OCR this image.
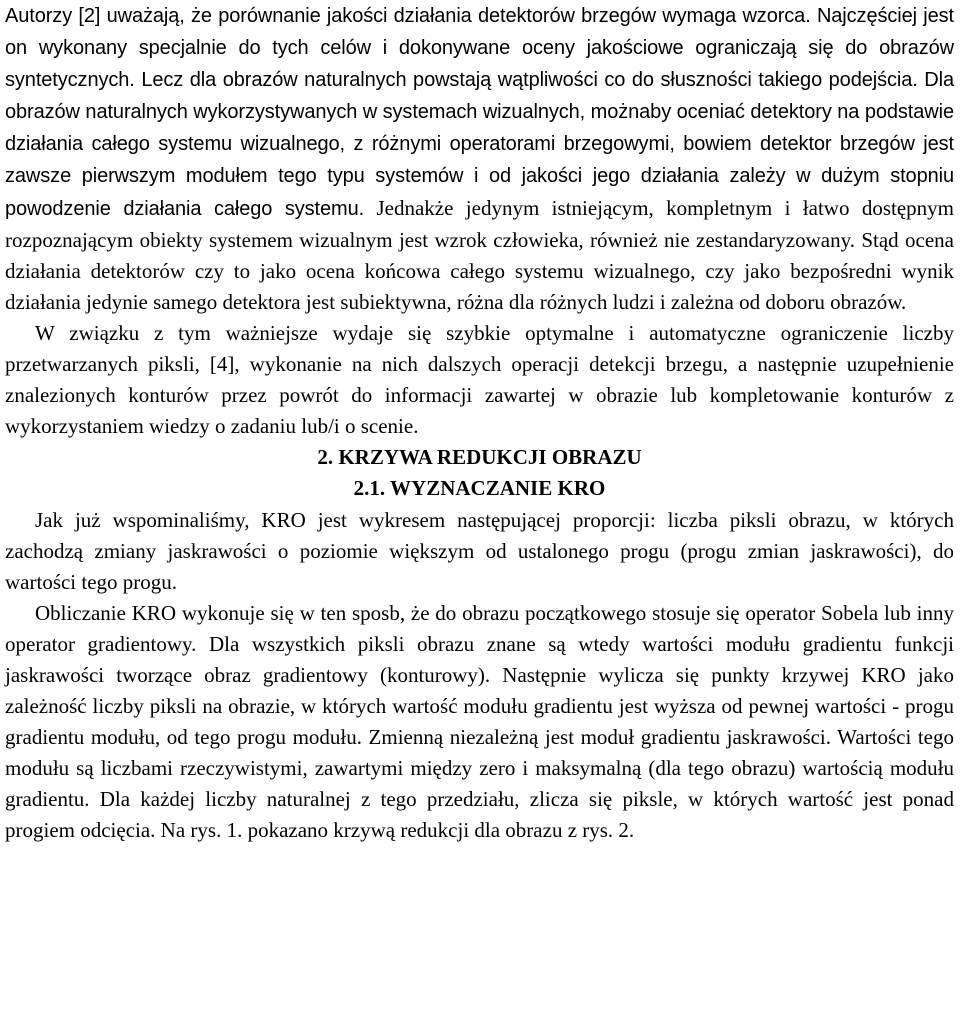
Autorzy [2] uważają, że porównanie jakości działania detektorów brzegów wymaga wzorca. Najczęściej jest on wykonany specjalnie do tych celów i dokonywane oceny jakościowe ograniczają się do obrazów syntetycznych. Lecz dla obrazów naturalnych powstają wątpliwości co do słuszności takiego podejścia. Dla obrazów naturalnych wykorzystywanych w systemach wizualnych, możnaby oceniać detektory na podstawie działania całego systemu wizualnego, z różnymi operatorami brzegowymi, bowiem detektor brzegów jest zawsze pierwszym modułem tego typu systemów i od jakości jego działania zależy w dużym stopniu powodzenie działania całego systemu. Jednakże jedynym istniejącym, kompletnym i łatwo dostępnym rozpoznającym obiekty systemem wizualnym jest wzrok człowieka, również nie zestandaryzowany. Stąd ocena działania detektorów czy to jako ocena końcowa całego systemu wizualnego, czy jako bezpośredni wynik działania jedynie samego detektora jest subiektywna, różna dla różnych ludzi i zależna od doboru obrazów.

W związku z tym ważniejsze wydaje się szybkie optymalne i automatyczne ograniczenie liczby przetwarzanych piksli, [4], wykonanie na nich dalszych operacji detekcji brzegu, a następnie uzupełnienie znalezionych konturów przez powrót do informacji zawartej w obrazie lub kompletowanie konturów z wykorzystaniem wiedzy o zadaniu lub/i o scenie.

2. KRZYWA REDUKCJI OBRAZU
2.1. WYZNACZANIE KRO

Jak już wspominaliśmy, KRO jest wykresem następującej proporcji: liczba piksli obrazu, w których zachodzą zmiany jaskrawości o poziomie większym od ustalonego progu (progu zmian jaskrawości), do wartości tego progu.

Obliczanie KRO wykonuje się w ten sposb, że do obrazu początkowego stosuje się operator Sobela lub inny operator gradientowy. Dla wszystkich piksli obrazu znane są wtedy wartości modułu gradientu funkcji jaskrawości tworzące obraz gradientowy (konturowy). Następnie wylicza się punkty krzywej KRO jako zależność liczby piksli na obrazie, w których wartość modułu gradientu jest wyższa od pewnej wartości - progu gradientu modułu, od tego progu modułu. Zmienną niezależną jest moduł gradientu jaskrawości. Wartości tego modułu są liczbami rzeczywistymi, zawartymi między zero i maksymalną (dla tego obrazu) wartością modułu gradientu. Dla każdej liczby naturalnej z tego przedziału, zlicza się piksle, w których wartość jest ponad progiem odcięcia. Na rys. 1. pokazano krzywą redukcji dla obrazu z rys. 2.
